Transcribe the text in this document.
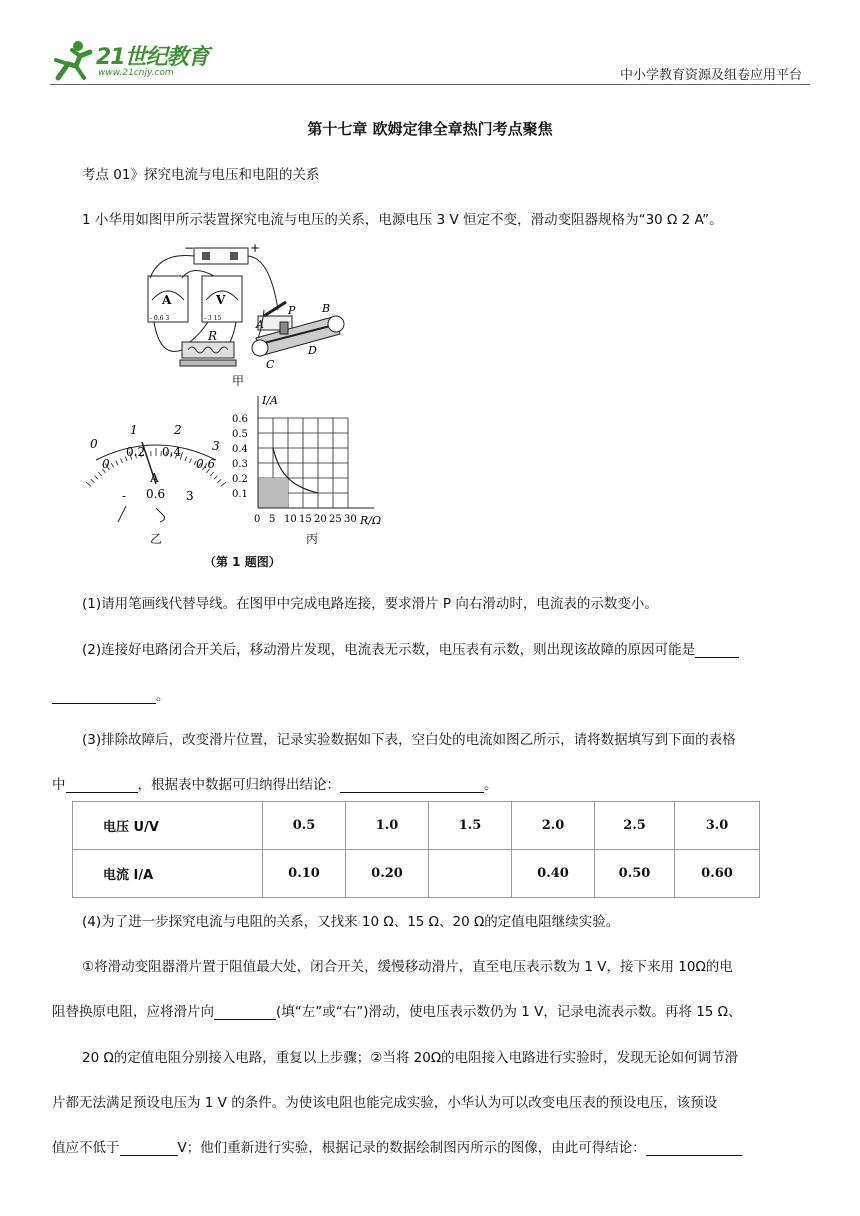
21世纪教育
www.21cnjy.com	中小学教育资源及组卷应用平台
第十七章 欧姆定律全章热门考点聚焦
考点 01》探究电流与电压和电阻的关系
1 小华用如图甲所示装置探究电流与电压的关系，电源电压 3 V 恒定不变，滑动变阻器规格为“30 Ω 2 A”。
−	+
A
- 0.6 3
V
- 3 15
R
A
P B
C
D
甲
0
1	2
3
0
0.2 0.4
0.6
A
- 0.6 3
乙
I/A
R/Ω
0.6
0.5
0.4
0.3
0.2
0.1
0 5 10 15 20 25 30
丙
（第 1 题图）
(1)请用笔画线代替导线。在图甲中完成电路连接，要求滑片 P 向右滑动时，电流表的示数变小。
(2)连接好电路闭合开关后，移动滑片发现，电流表无示数，电压表有示数，则出现该故障的原因可能是
。
(3)排除故障后，改变滑片位置，记录实验数据如下表，空白处的电流如图乙所示，请将数据填写到下面的表格
中	，根据表中数据可归纳得出结论：	。
电压 U/V	0.5	1.0	1.5	2.0	2.5	3.0
电流 I/A	0.10	0.20		0.40	0.50	0.60
(4)为了进一步探究电流与电阻的关系，又找来 10 Ω、15 Ω、20 Ω的定值电阻继续实验。
①将滑动变阻器滑片置于阻值最大处，闭合开关，缓慢移动滑片，直至电压表示数为 1 V，接下来用 10Ω的电
阻替换原电阻，应将滑片向	(填“左”或“右”)滑动，使电压表示数仍为 1 V，记录电流表示数。再将 15 Ω、
20 Ω的定值电阻分别接入电路，重复以上步骤；②当将 20Ω的电阻接入电路进行实验时，发现无论如何调节滑
片都无法满足预设电压为 1 V 的条件。为使该电阻也能完成实验，小华认为可以改变电压表的预设电压，该预设
值应不低于	V；他们重新进行实验，根据记录的数据绘制图丙所示的图像，由此可得结论：
